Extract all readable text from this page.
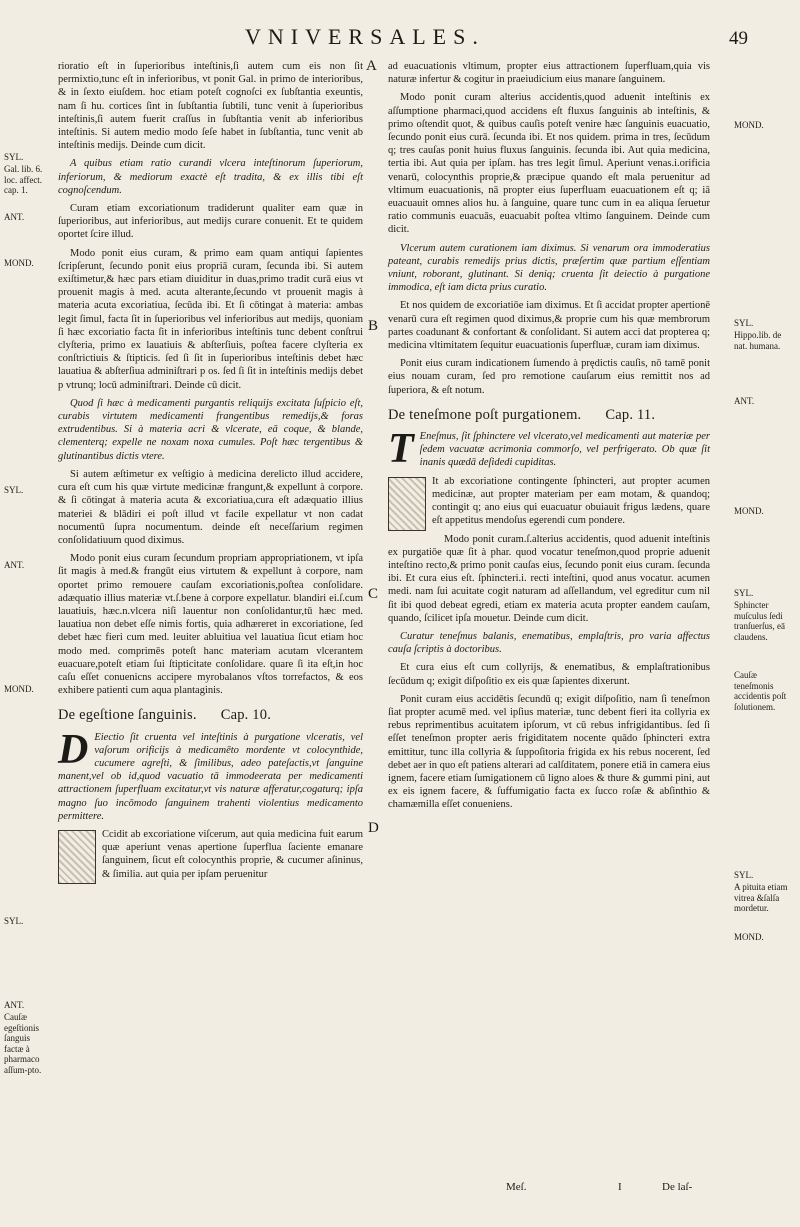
VNIVERSALES.	49

rioratio eſt in ſuperioribus inteſtinis,ſi autem cum eis non ſit permixtio,tunc eſt in inferioribus, vt ponit Gal. in primo de interioribus, & in ſexto eiuſdem. hoc etiam poteſt cognoſci ex ſubſtantia exeuntis, nam ſi hu. cortices ſint in ſubſtantia ſubtili, tunc venit à ſuperioribus inteſtinis,ſi autem fuerit craſſus in ſubſtantia venit ab inferioribus inteſtinis. Si autem medio modo ſeſe habet in ſubſtantia, tunc venit ab inteſtinis medijs. Deinde cum dicit.

A quibus etiam ratio curandi vlcera inteſtinorum ſuperiorum, inferiorum, & mediorum exactè eſt tradita, & ex illis tibi eſt cognoſcendum.

Curam etiam excoriationum tradiderunt qualiter eam quæ in ſuperioribus, aut inferioribus, aut medijs curare conuenit. Et te quidem oportet ſcire illud.

Modo ponit eius curam, & primo eam quam antiqui ſapientes ſcripſerunt, ſecundo ponit eius propriā curam, ſecunda ibi. Si autem exiſtimetur,& hæc pars etiam diuiditur in duas,primo tradit curā eius vt prouenit magis à med. acuta alterante,ſecundo vt prouenit magis à materia acuta excoriatiua, ſecūda ibi. Et ſi cōtingat à materia: ambas legit ſimul, facta ſit in ſuperioribus vel inferioribus aut medijs, quoniam ſi hæc excoriatio facta ſit in inferioribus inteſtinis tunc debent conſtrui clyſteria, primo ex lauatiuis & abſterſiuis, poſtea facere clyſteria ex conſtrictiuis & ſtipticis. ſed ſi ſit in ſuperioribus inteſtinis debet hæc lauatiua & abſterſiua adminiſtrari p os. ſed ſi ſit in inteſtinis medijs debet p vtrunq; locū adminiſtrari. Deinde cū dicit.

Quod ſi hæc à medicamenti purgantis reliquijs excitata ſuſpicio eſt, curabis virtutem medicamenti frangentibus remedijs,& foras extrudentibus. Si à materia acri & vlcerate, eā coque, & blande, clementerq; expelle ne noxam noxa cumules. Poſt hæc tergentibus & glutinantibus dictis vtere.

Si autem æſtimetur ex veſtigio à medicina derelicto illud accidere, cura eſt cum his quæ virtute medicinæ frangunt,& expellunt à corpore. & ſi cōtingat à materia acuta & excoriatiua,cura eſt adæquatio illius materiei & blādiri ei poſt illud vt facile expellatur vt non cadat nocumentū ſupra nocumentum. deinde eſt neceſſarium regimen conſolidatiuum quod diximus.

Modo ponit eius curam ſecundum propriam appropriationem, vt ipſa ſit magis à med.& frangūt eius virtutem & expellunt à corpore, nam oportet primo remouere cauſam excoriationis,poſtea conſolidare. adæquatio illius materiæ vt.ſ.bene à corpore expellatur. blandiri ei.ſ.cum lauatiuis, hæc.n.vlcera niſi lauentur non conſolidantur,tū hæc med. lauatiua non debet eſſe nimis fortis, quia adhæreret in excoriatione, ſed debet hæc fieri cum med. leuiter abluitiua vel lauatiua ſicut etiam hoc modo med. comprimēs poteſt hanc materiam acutam vlcerantem euacuare,poteſt etiam ſui ſtipticitate conſolidare. quare ſi ita eſt,in hoc caſu eſſet conuenicns accipere myrobalanos vſtos torrefactos, & eos exhibere patienti cum aqua plantaginis.

De egeſtione ſanguinis. Cap. 10.

D Eiectio ſit cruenta vel inteſtinis à purgatione vlceratis, vel vaſorum orificijs à medicamēto mordente vt colocynthide, cucumere agreſti, & ſimilibus, adeo pateſactis,vt ſanguine manent,vel ob id,quod vacuatio tā immodeerata per medicamenti attractionem ſuperfluam excitatur,vt vis naturæ afferatur,cogaturq; ipſa magno ſuo incōmodo ſanguinem trahenti violentius medicamento permittere.

Ccidit ab excoriatione viſcerum, aut quia medicina fuit earum quæ aperiunt venas apertione ſuperflua ſaciente emanare ſanguinem, ſicut eſt colocynthis proprie, & cucumer aſininus, & ſimilia. aut quia per ipſam peruenitur

ad euacuationis vltimum, propter eius attractionem ſuperfluam,quia vis naturæ infertur & cogitur in praeiudicium eius manare ſanguinem.

Modo ponit curam alterius accidentis,quod aduenit inteſtinis ex aſſumptione pharmaci,quod accidens eſt fluxus ſanguinis ab inteſtinis, & primo oſtendit quot, & quibus cauſis poteſt venire hæc ſanguinis euacuatio, ſecundo ponit eius curā. ſecunda ibi. Et nos quidem. prima in tres, ſecūdum q; tres cauſas ponit huius fluxus ſanguinis. ſecunda ibi. Aut quia medicina, tertia ibi. Aut quia per ipſam. has tres legit ſimul. Aperiunt venas.i.orificia venarū, colocynthis proprie,& præcipue quando eſt mala peruenitur ad vltimum euacuationis, nā propter eius ſuperfluam euacuationem eſt q; iā euacuauit omnes alios hu. à ſanguine, quare tunc cum in ea aliqua ſeruetur ratio communis euacuās, euacuabit poſtea vltimo ſanguinem. Deinde cum dicit.

Vlcerum autem curationem iam diximus. Si venarum ora immoderatius pateant, curabis remedijs prius dictis, præſertim quæ partium eſſentiam vniunt, roborant, glutinant. Si deniq; cruenta ſit deiectio à purgatione immodica, eſt iam dicta prius curatio.

Et nos quidem de excoriatiōe iam diximus. Et ſi accidat propter apertionē venarū cura eſt regimen quod diximus,& proprie cum his quæ membrorum partes coadunant & confortant & conſolidant. Si autem acci dat propterea q; medicina vltimitatem ſequitur euacuationis ſuperfluæ, curam iam diximus.

Ponit eius curam indicationem ſumendo à prędictis cauſis, nō tamē ponit eius nouam curam, ſed pro remotione cauſarum eius remittit nos ad ſuperiora, & eſt notum.

De teneſmone poſt purgationem. Cap. 11.

T Eneſmus, ſit ſphinctere vel vlcerato,vel medicamenti aut materiæ per ſedem vacuatæ acrimonia commorſo, vel perfrigerato. Ob quæ ſit inanis quædā deſidedi cupiditas.

It ab excoriatione contingente ſphincteri, aut propter acumen medicinæ, aut propter materiam per eam motam, & quandoq; contingit q; ano eius qui euacuatur obuiauit frigus lædens, quare eſt appetitus mendoſus egerendi cum pondere.

Modo ponit curam.ſ.alterius accidentis, quod aduenit inteſtinis ex purgatiōe quæ ſit à phar. quod vocatur teneſmon,quod proprie aduenit inteſtino recto,& primo ponit cauſas eius, ſecundo ponit eius curam. ſecunda ibi. Et cura eius eſt. ſphincteri.i. recti inteſtini, quod anus vocatur. acumen medi. nam ſui acuitate cogit naturam ad aſſellandum, vel egreditur cum nil ſit ibi quod debeat egredi, etiam ex materia acuta propter eandem cauſam, quando, ſcilicet ipſa mouetur. Deinde cum dicit.

Curatur teneſmus balanis, enematibus, emplaſtris, pro varia affectus cauſa ſcriptis à doctoribus.

Et cura eius eſt cum collyrijs, & enematibus, & emplaſtrationibus ſecūdum q; exigit diſpoſitio ex eis quæ ſapientes dixerunt.

Ponit curam eius accidētis ſecundū q; exigit diſpoſitio, nam ſi teneſmon ſiat propter acumē med. vel ipſius materiæ, tunc debent fieri ita collyria ex rebus reprimentibus acuitatem ipſorum, vt cū rebus infrigidantibus. ſed ſi eſſet teneſmon propter aeris frigiditatem nocente quādo ſphincteri extra emittitur, tunc illa collyria & ſuppoſitoria frigida ex his rebus nocerent, ſed debet aer in quo eſt patiens alterari ad calſditatem, ponere etiā in camera eius ignem, facere etiam ſumigationem cū ligno aloes & thure & gummi pini, aut ex eis ignem facere, & ſuffumigatio facta ex ſucco roſæ & abſinthio & chamæmilla eſſet conueniens.

A
B
C
D
SYL.
Gal. lib. 6. loc. affect. cap. 1.
ANT.
MOND.
SYL.
ANT.
MOND.
SYL.
ANT.
Cauſæ egeſtionis ſanguis factæ à pharmaco aſſum-pto.
MOND.
SYL.
Hippo.lib. de nat. humana.
ANT.
MOND.
SYL.
Sphincter muſculus ſedi tranſuerſus, eā claudens.
Cauſæ teneſmonis accidentis poſt ſolutionem.
SYL.
A pituita etiam vitrea &ſalſa mordetur.
MOND.
Meſ.	I	De laſ-
